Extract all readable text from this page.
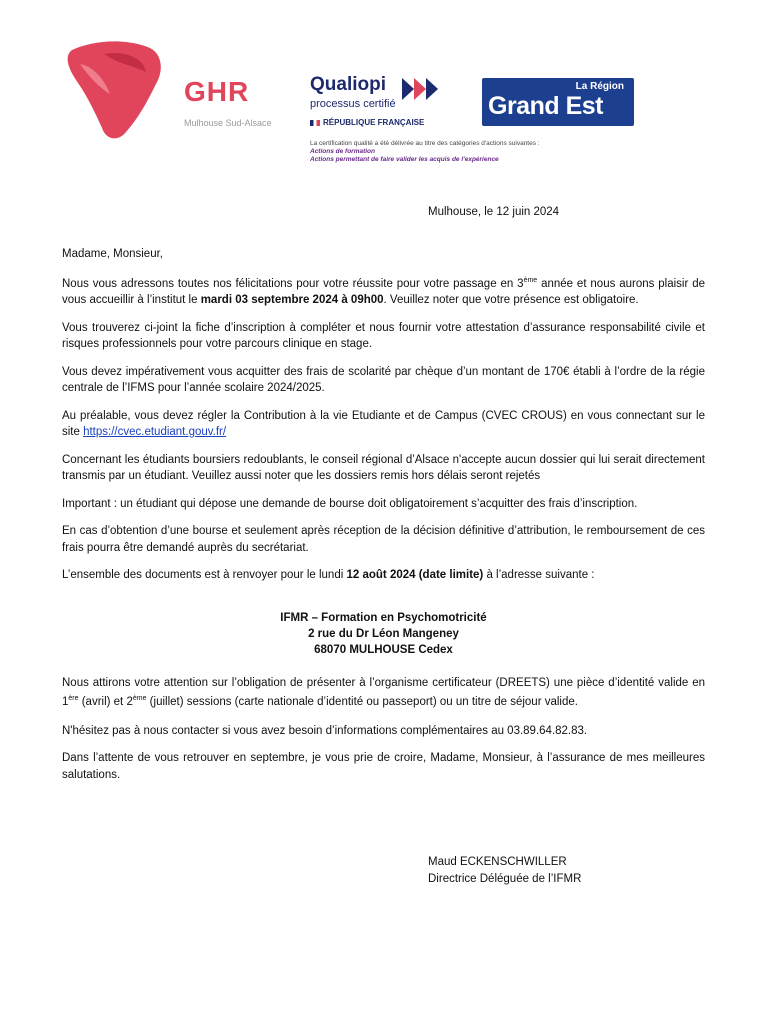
GHR
Mulhouse Sud-Alsace
Qualiopi
processus certifié
RÉPUBLIQUE FRANÇAISE
La Région
Grand Est
La certification qualité a été délivrée au titre des catégories d'actions suivantes :
Actions de formation
Actions permettant de faire valider les acquis de l'expérience
Mulhouse, le 12 juin 2024

Madame, Monsieur,

Nous vous adressons toutes nos félicitations pour votre réussite pour votre passage en 3ème année et nous aurons plaisir de vous accueillir à l’institut le mardi 03 septembre 2024 à 09h00. Veuillez noter que votre présence est obligatoire.

Vous trouverez ci-joint la fiche d’inscription à compléter et nous fournir votre attestation d’assurance responsabilité civile et risques professionnels pour votre parcours clinique en stage.

Vous devez impérativement vous acquitter des frais de scolarité par chèque d’un montant de 170€ établi à l’ordre de la régie centrale de l’IFMS pour l’année scolaire 2024/2025.

Au préalable, vous devez régler la Contribution à la vie Etudiante et de Campus (CVEC CROUS) en vous connectant sur le site https://cvec.etudiant.gouv.fr/

Concernant les étudiants boursiers redoublants, le conseil régional d’Alsace n'accepte aucun dossier qui lui serait directement transmis par un étudiant. Veuillez aussi noter que les dossiers remis hors délais seront rejetés

Important : un étudiant qui dépose une demande de bourse doit obligatoirement s’acquitter des frais d’inscription.

En cas d’obtention d’une bourse et seulement après réception de la décision définitive d’attribution, le remboursement de ces frais pourra être demandé auprès du secrétariat.

L’ensemble des documents est à renvoyer pour le lundi 12 août 2024 (date limite) à l’adresse suivante :

IFMR – Formation en Psychomotricité
2 rue du Dr Léon Mangeney
68070 MULHOUSE Cedex

Nous attirons votre attention sur l’obligation de présenter à l’organisme certificateur (DREETS) une pièce d’identité valide en 1ère (avril) et 2ème (juillet) sessions (carte nationale d’identité ou passeport) ou un titre de séjour valide.

N'hésitez pas à nous contacter si vous avez besoin d’informations complémentaires au 03.89.64.82.83.

Dans l’attente de vous retrouver en septembre, je vous prie de croire, Madame, Monsieur, à l’assurance de mes meilleures salutations.

Maud ECKENSCHWILLER
Directrice Déléguée de l’IFMR
